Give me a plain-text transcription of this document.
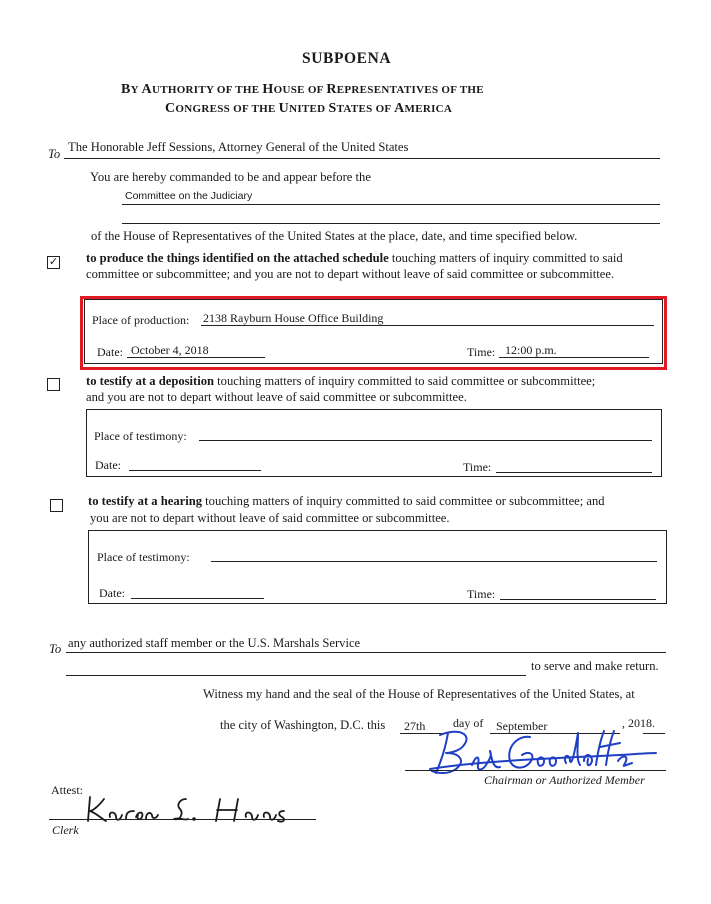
SUBPOENA
BY AUTHORITY OF THE HOUSE OF REPRESENTATIVES OF THE
CONGRESS OF THE UNITED STATES OF AMERICA
To The Honorable Jeff Sessions, Attorney General of the United States
You are hereby commanded to be and appear before the
Committee on the Judiciary
of the House of Representatives of the United States at the place, date, and time specified below.
✓ to produce the things identified on the attached schedule touching matters of inquiry committed to said
committee or subcommittee; and you are not to depart without leave of said committee or subcommittee.
Place of production: 2138 Rayburn House Office Building
Date: October 4, 2018	Time: 12:00 p.m.
to testify at a deposition touching matters of inquiry committed to said committee or subcommittee;
and you are not to depart without leave of said committee or subcommittee.
Place of testimony:
Date:	Time:
to testify at a hearing touching matters of inquiry committed to said committee or subcommittee; and
you are not to depart without leave of said committee or subcommittee.
Place of testimony:
Date:	Time:
To any authorized staff member or the U.S. Marshals Service
to serve and make return.
Witness my hand and the seal of the House of Representatives of the United States, at
the city of Washington, D.C. this 27th day of September	, 2018.
Chairman or Authorized Member
Attest:
Clerk
